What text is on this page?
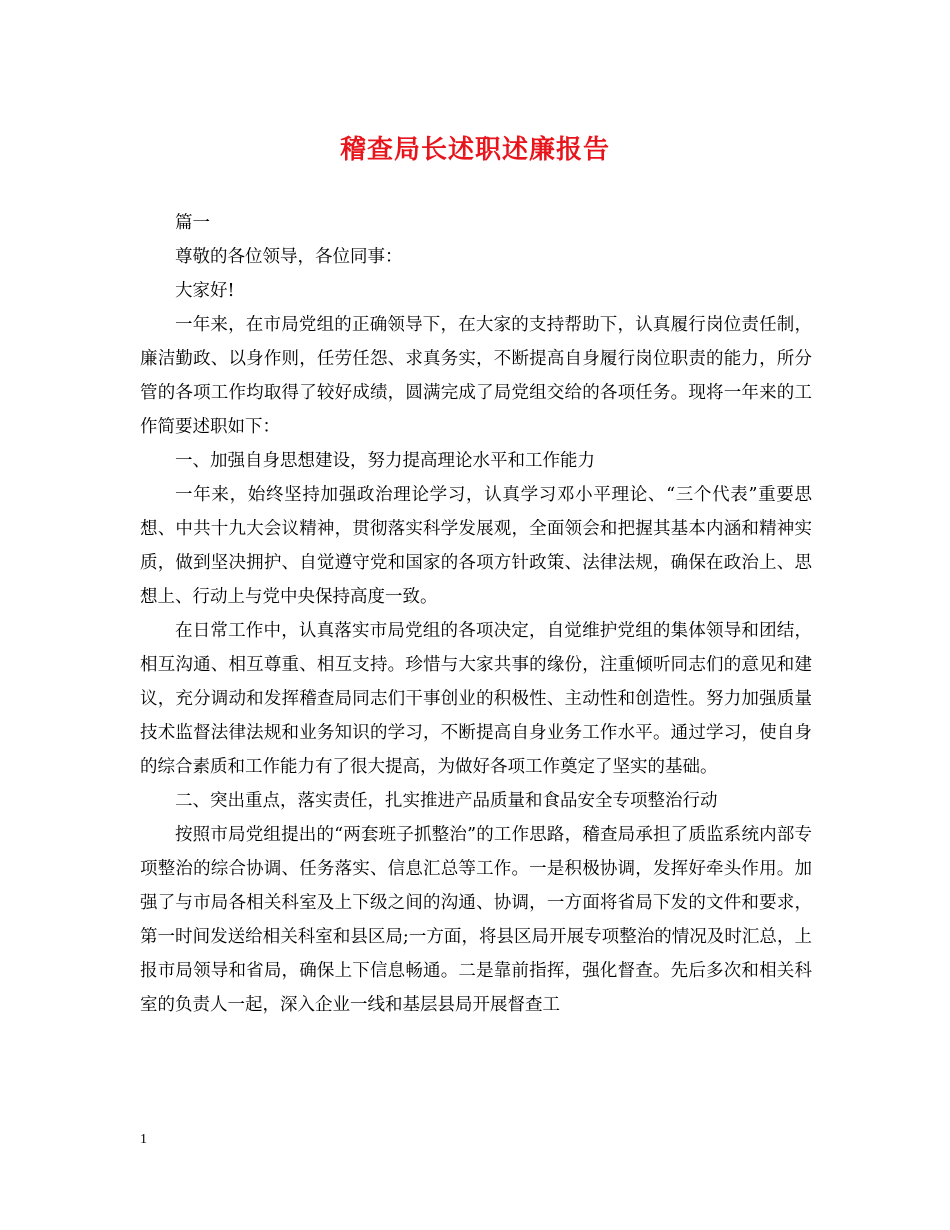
稽查局长述职述廉报告

篇一

尊敬的各位领导，各位同事：

大家好!

一年来，在市局党组的正确领导下，在大家的支持帮助下，认真履行岗位责任制，廉洁勤政、以身作则，任劳任怨、求真务实，不断提高自身履行岗位职责的能力，所分管的各项工作均取得了较好成绩，圆满完成了局党组交给的各项任务。现将一年来的工作简要述职如下：

一、加强自身思想建设，努力提高理论水平和工作能力

一年来，始终坚持加强政治理论学习，认真学习邓小平理论、“三个代表”重要思想、中共十九大会议精神，贯彻落实科学发展观，全面领会和把握其基本内涵和精神实质，做到坚决拥护、自觉遵守党和国家的各项方针政策、法律法规，确保在政治上、思想上、行动上与党中央保持高度一致。

在日常工作中，认真落实市局党组的各项决定，自觉维护党组的集体领导和团结，相互沟通、相互尊重、相互支持。珍惜与大家共事的缘份，注重倾听同志们的意见和建议，充分调动和发挥稽查局同志们干事创业的积极性、主动性和创造性。努力加强质量技术监督法律法规和业务知识的学习，不断提高自身业务工作水平。通过学习，使自身的综合素质和工作能力有了很大提高，为做好各项工作奠定了坚实的基础。

二、突出重点，落实责任，扎实推进产品质量和食品安全专项整治行动

按照市局党组提出的“两套班子抓整治”的工作思路，稽查局承担了质监系统内部专项整治的综合协调、任务落实、信息汇总等工作。一是积极协调，发挥好牵头作用。加强了与市局各相关科室及上下级之间的沟通、协调，一方面将省局下发的文件和要求，第一时间发送给相关科室和县区局;一方面，将县区局开展专项整治的情况及时汇总，上报市局领导和省局，确保上下信息畅通。二是靠前指挥，强化督查。先后多次和相关科室的负责人一起，深入企业一线和基层县局开展督查工

1
